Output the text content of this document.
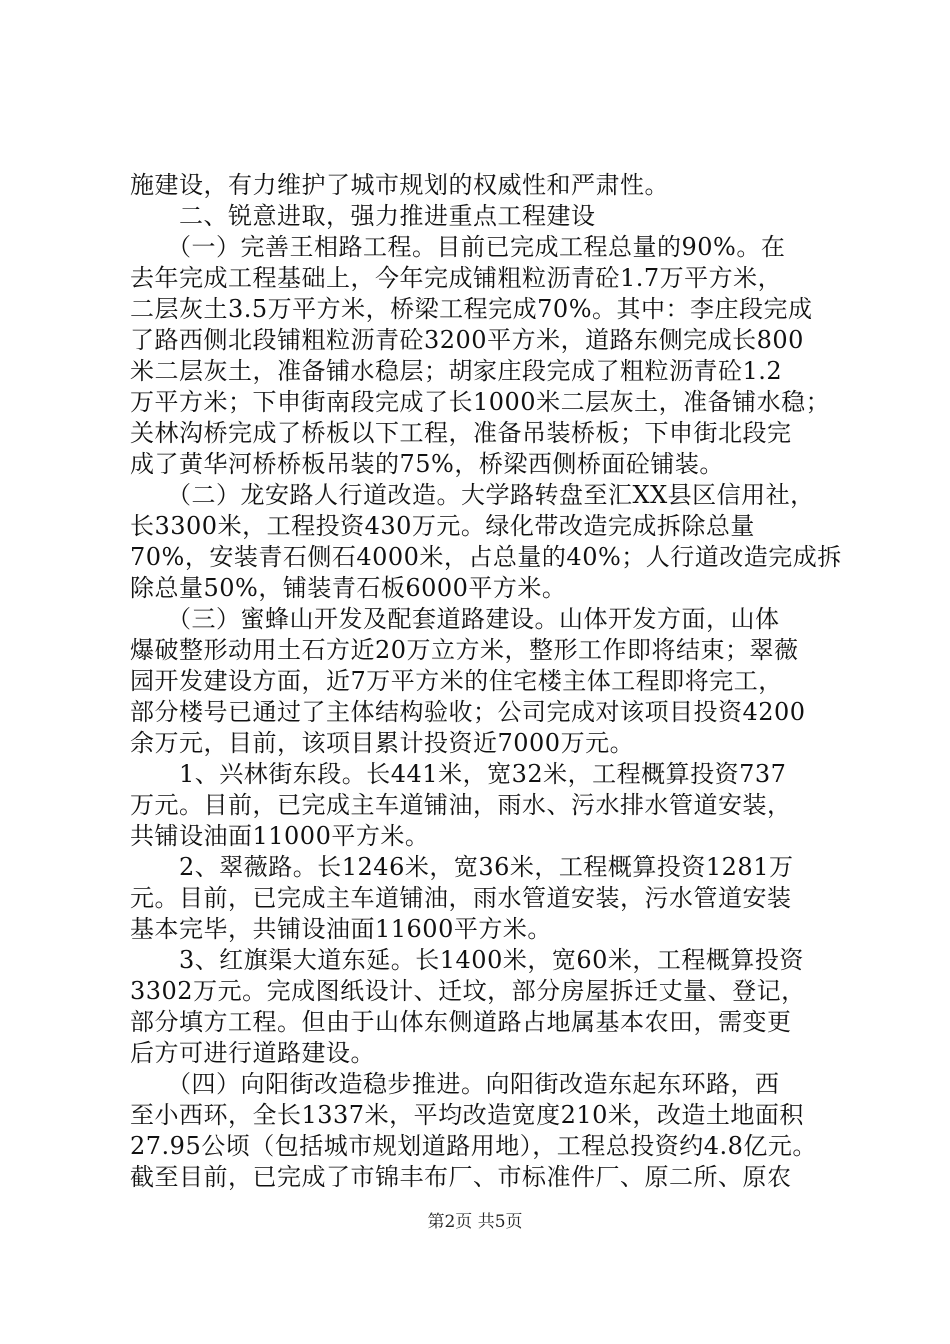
施建设，有力维护了城市规划的权威性和严肃性。
　　二、锐意进取，强力推进重点工程建设
　　（一）完善王相路工程。目前已完成工程总量的90%。在
去年完成工程基础上，今年完成铺粗粒沥青砼1.7万平方米，
二层灰土3.5万平方米，桥梁工程完成70%。其中：李庄段完成
了路西侧北段铺粗粒沥青砼3200平方米，道路东侧完成长800
米二层灰土，准备铺水稳层；胡家庄段完成了粗粒沥青砼1.2
万平方米；下申街南段完成了长1000米二层灰土，准备铺水稳；
关林沟桥完成了桥板以下工程，准备吊装桥板；下申街北段完
成了黄华河桥桥板吊装的75%，桥梁西侧桥面砼铺装。
　　（二）龙安路人行道改造。大学路转盘至汇XX县区信用社，
长3300米，工程投资430万元。绿化带改造完成拆除总量
70%，安装青石侧石4000米，占总量的40%；人行道改造完成拆
除总量50%，铺装青石板6000平方米。
　　（三）蜜蜂山开发及配套道路建设。山体开发方面，山体
爆破整形动用土石方近20万立方米，整形工作即将结束；翠薇
园开发建设方面，近7万平方米的住宅楼主体工程即将完工，
部分楼号已通过了主体结构验收；公司完成对该项目投资4200
余万元，目前，该项目累计投资近7000万元。
　　1、兴林街东段。长441米，宽32米，工程概算投资737
万元。目前，已完成主车道铺油，雨水、污水排水管道安装，
共铺设油面11000平方米。
　　2、翠薇路。长1246米，宽36米，工程概算投资1281万
元。目前，已完成主车道铺油，雨水管道安装，污水管道安装
基本完毕，共铺设油面11600平方米。
　　3、红旗渠大道东延。长1400米，宽60米，工程概算投资
3302万元。完成图纸设计、迁坟，部分房屋拆迁丈量、登记，
部分填方工程。但由于山体东侧道路占地属基本农田，需变更
后方可进行道路建设。
　　（四）向阳街改造稳步推进。向阳街改造东起东环路，西
至小西环，全长1337米，平均改造宽度210米，改造土地面积
27.95公顷（包括城市规划道路用地），工程总投资约4.8亿元。
截至目前，已完成了市锦丰布厂、市标准件厂、原二所、原农
第2页 共5页
